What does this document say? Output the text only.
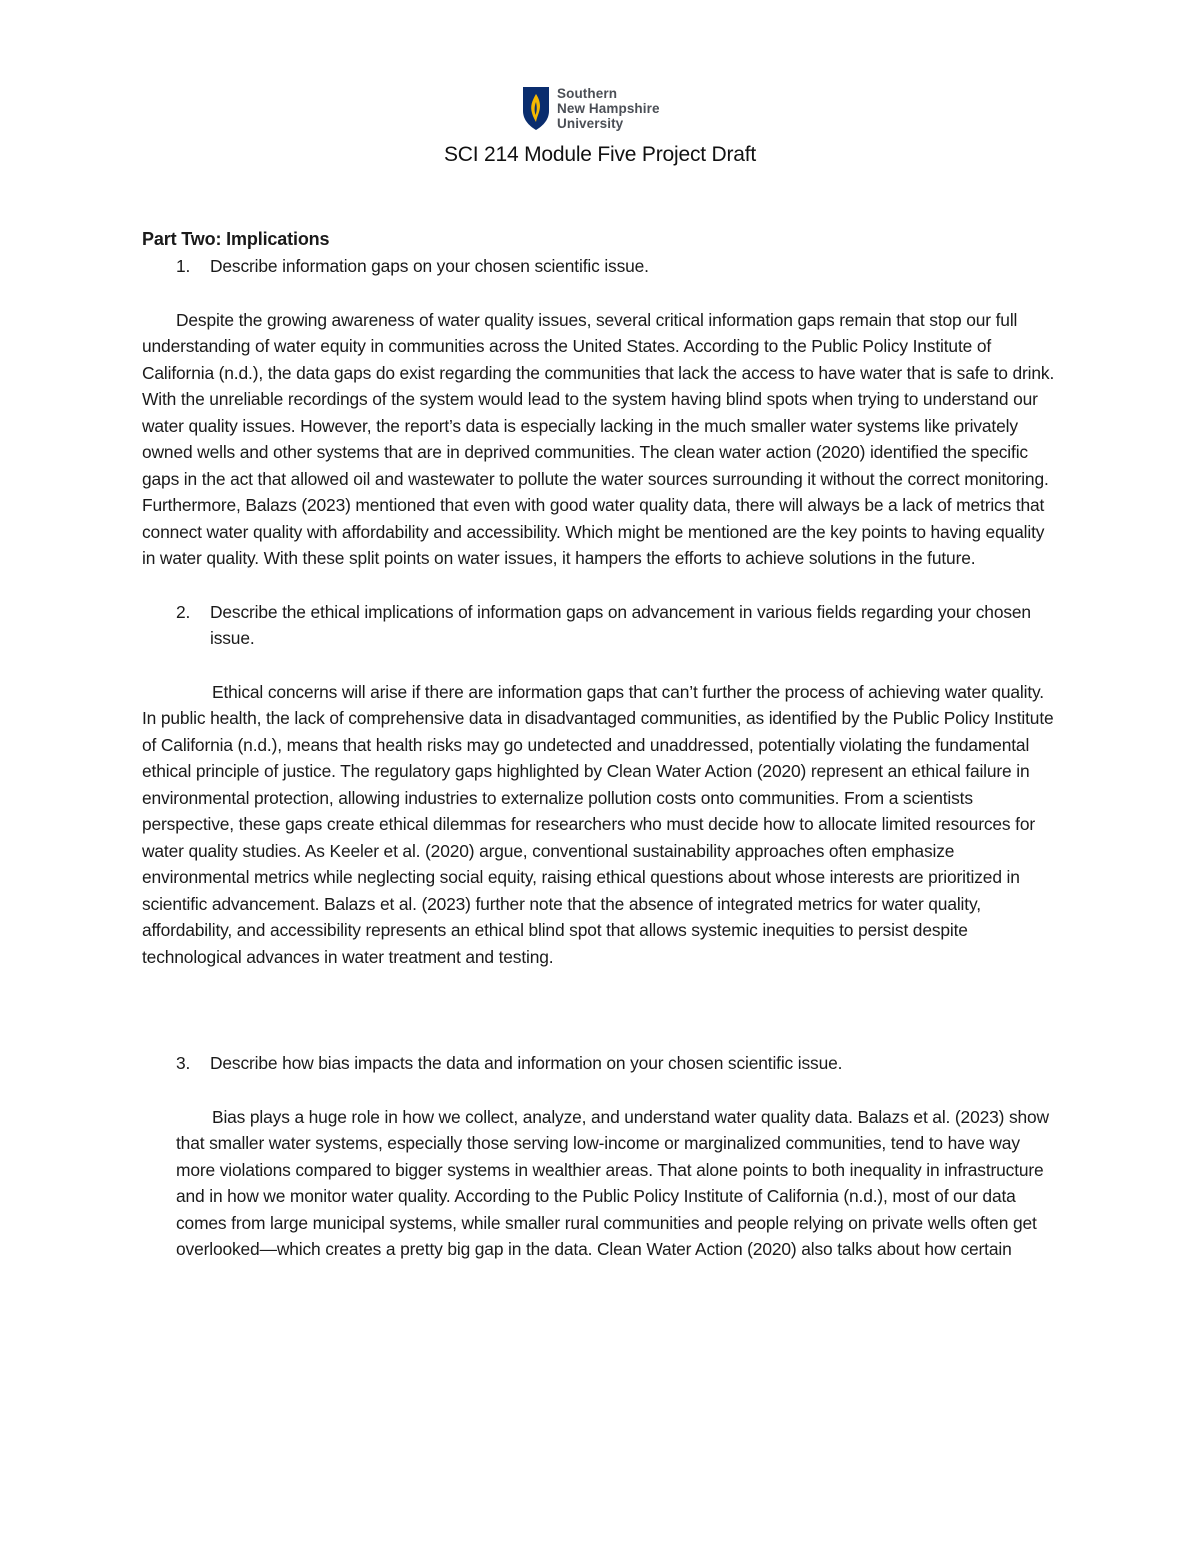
Southern
New Hampshire
University
SCI 214 Module Five Project Draft

Part Two: Implications

1.	Describe information gaps on your chosen scientific issue.

Despite the growing awareness of water quality issues, several critical information gaps remain that stop our full understanding of water equity in communities across the United States. According to the Public Policy Institute of California (n.d.), the data gaps do exist regarding the communities that lack the access to have water that is safe to drink. With the unreliable recordings of the system would lead to the system having blind spots when trying to understand our water quality issues. However, the report’s data is especially lacking in the much smaller water systems like privately owned wells and other systems that are in deprived communities. The clean water action (2020) identified the specific gaps in the act that allowed oil and wastewater to pollute the water sources surrounding it without the correct monitoring. Furthermore, Balazs (2023) mentioned that even with good water quality data, there will always be a lack of metrics that connect water quality with affordability and accessibility. Which might be mentioned are the key points to having equality in water quality. With these split points on water issues, it hampers the efforts to achieve solutions in the future.

2.	Describe the ethical implications of information gaps on advancement in various fields regarding your chosen issue.

Ethical concerns will arise if there are information gaps that can’t further the process of achieving water quality. In public health, the lack of comprehensive data in disadvantaged communities, as identified by the Public Policy Institute of California (n.d.), means that health risks may go undetected and unaddressed, potentially violating the fundamental ethical principle of justice. The regulatory gaps highlighted by Clean Water Action (2020) represent an ethical failure in environmental protection, allowing industries to externalize pollution costs onto communities. From a scientists perspective, these gaps create ethical dilemmas for researchers who must decide how to allocate limited resources for water quality studies. As Keeler et al. (2020) argue, conventional sustainability approaches often emphasize environmental metrics while neglecting social equity, raising ethical questions about whose interests are prioritized in scientific advancement. Balazs et al. (2023) further note that the absence of integrated metrics for water quality, affordability, and accessibility represents an ethical blind spot that allows systemic inequities to persist despite technological advances in water treatment and testing.

3.	Describe how bias impacts the data and information on your chosen scientific issue.

Bias plays a huge role in how we collect, analyze, and understand water quality data. Balazs et al. (2023) show that smaller water systems, especially those serving low-income or marginalized communities, tend to have way more violations compared to bigger systems in wealthier areas. That alone points to both inequality in infrastructure and in how we monitor water quality. According to the Public Policy Institute of California (n.d.), most of our data comes from large municipal systems, while smaller rural communities and people relying on private wells often get overlooked—which creates a pretty big gap in the data. Clean Water Action (2020) also talks about how certain
